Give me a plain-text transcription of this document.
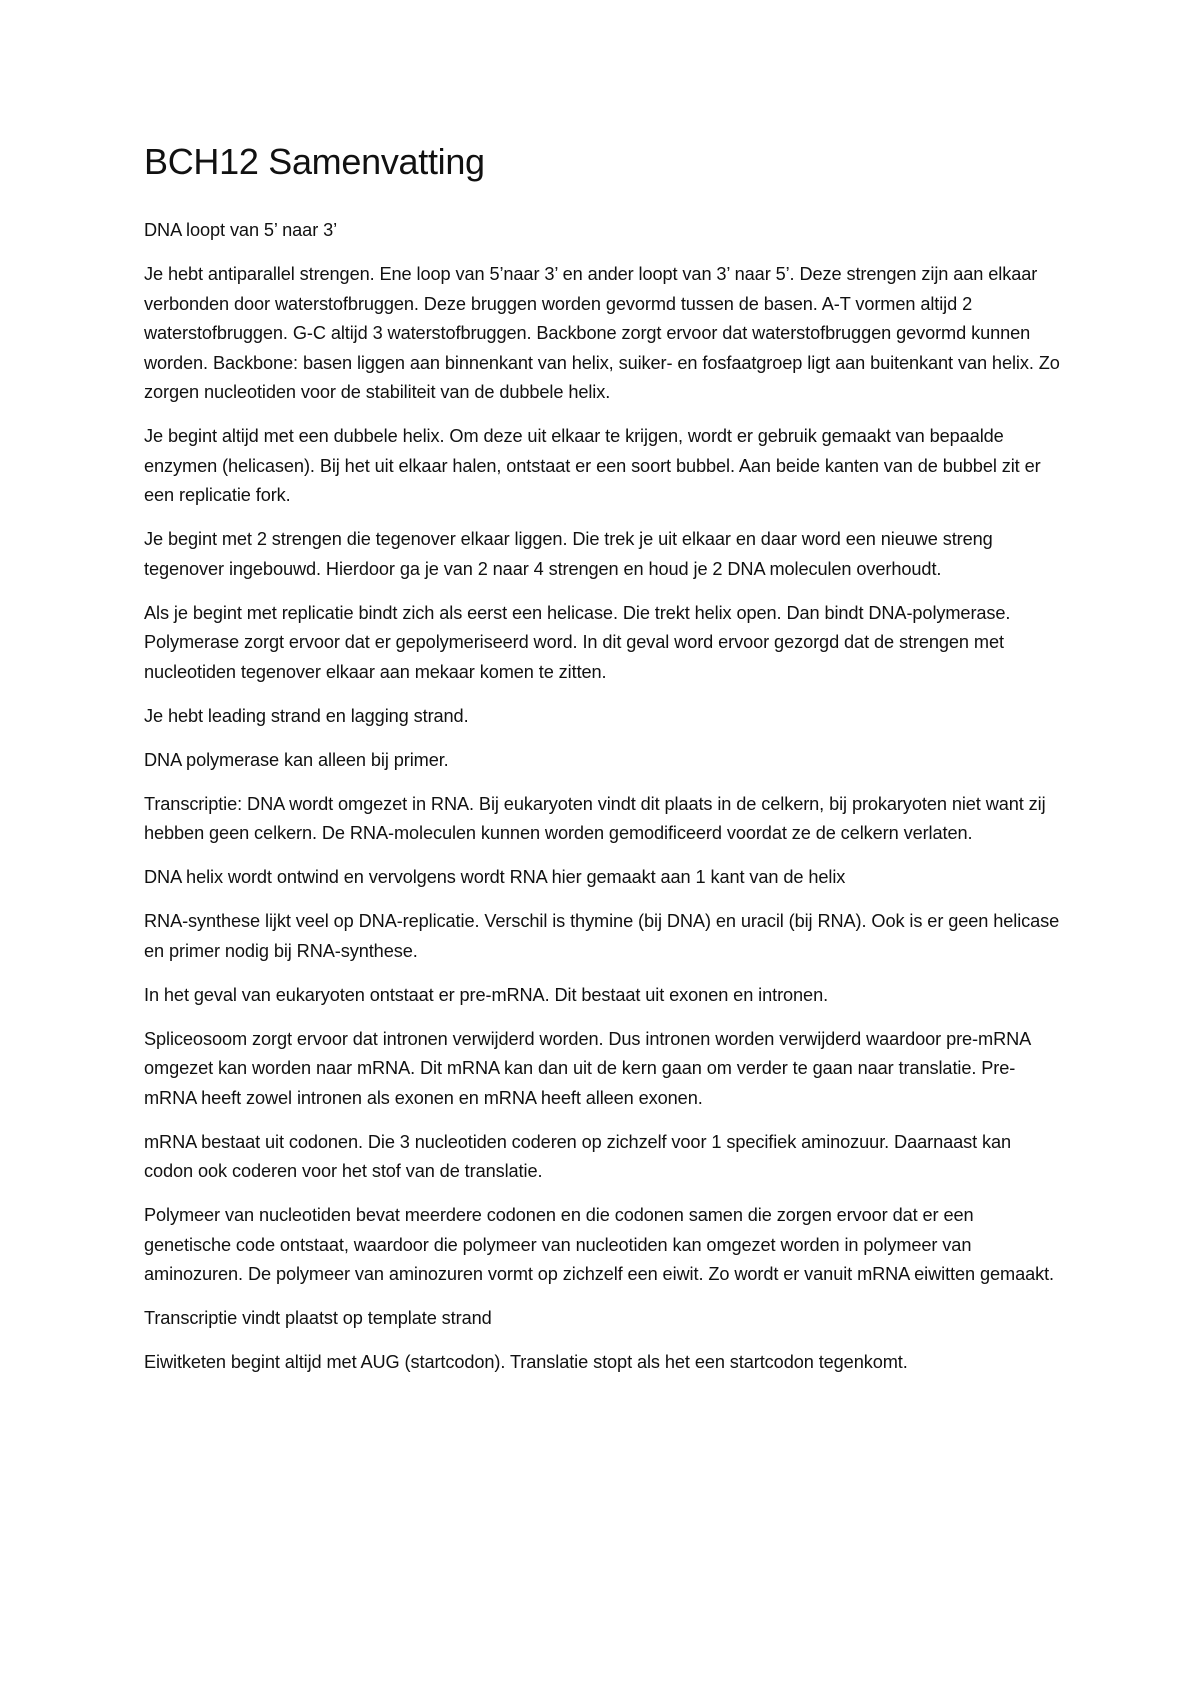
BCH12 Samenvatting

DNA loopt van 5’ naar 3’

Je hebt antiparallel strengen. Ene loop van 5’naar 3’ en ander loopt van 3’ naar 5’. Deze strengen zijn aan elkaar verbonden door waterstofbruggen. Deze bruggen worden gevormd tussen de basen. A-T vormen altijd 2 waterstofbruggen. G-C altijd 3 waterstofbruggen. Backbone zorgt ervoor dat waterstofbruggen gevormd kunnen worden. Backbone: basen liggen aan binnenkant van helix, suiker- en fosfaatgroep ligt aan buitenkant van helix. Zo zorgen nucleotiden voor de stabiliteit van de dubbele helix.

Je begint altijd met een dubbele helix. Om deze uit elkaar te krijgen, wordt er gebruik gemaakt van bepaalde enzymen (helicasen). Bij het uit elkaar halen, ontstaat er een soort bubbel. Aan beide kanten van de bubbel zit er een replicatie fork.

Je begint met 2 strengen die tegenover elkaar liggen. Die trek je uit elkaar en daar word een nieuwe streng tegenover ingebouwd. Hierdoor ga je van 2 naar 4 strengen en houd je 2 DNA moleculen overhoudt.

Als je begint met replicatie bindt zich als eerst een helicase. Die trekt helix open. Dan bindt DNA-polymerase. Polymerase zorgt ervoor dat er gepolymeriseerd word. In dit geval word ervoor gezorgd dat de strengen met nucleotiden tegenover elkaar aan mekaar komen te zitten.

Je hebt leading strand en lagging strand.

DNA polymerase kan alleen bij primer.

Transcriptie: DNA wordt omgezet in RNA. Bij eukaryoten vindt dit plaats in de celkern, bij prokaryoten niet want zij hebben geen celkern. De RNA-moleculen kunnen worden gemodificeerd voordat ze de celkern verlaten.

DNA helix wordt ontwind en vervolgens wordt RNA hier gemaakt aan 1 kant van de helix

RNA-synthese lijkt veel op DNA-replicatie. Verschil is thymine (bij DNA) en uracil (bij RNA). Ook is er geen helicase en primer nodig bij RNA-synthese.

In het geval van eukaryoten ontstaat er pre-mRNA. Dit bestaat uit exonen en intronen.

Spliceosoom zorgt ervoor dat intronen verwijderd worden. Dus intronen worden verwijderd waardoor pre-mRNA omgezet kan worden naar mRNA. Dit mRNA kan dan uit de kern gaan om verder te gaan naar translatie. Pre-mRNA heeft zowel intronen als exonen en mRNA heeft alleen exonen.

mRNA bestaat uit codonen. Die 3 nucleotiden coderen op zichzelf voor 1 specifiek aminozuur. Daarnaast kan codon ook coderen voor het stof van de translatie.

Polymeer van nucleotiden bevat meerdere codonen en die codonen samen die zorgen ervoor dat er een genetische code ontstaat, waardoor die polymeer van nucleotiden kan omgezet worden in polymeer van aminozuren. De polymeer van aminozuren vormt op zichzelf een eiwit. Zo wordt er vanuit mRNA eiwitten gemaakt.

Transcriptie vindt plaatst op template strand

Eiwitketen begint altijd met AUG (startcodon). Translatie stopt als het een startcodon tegenkomt.
